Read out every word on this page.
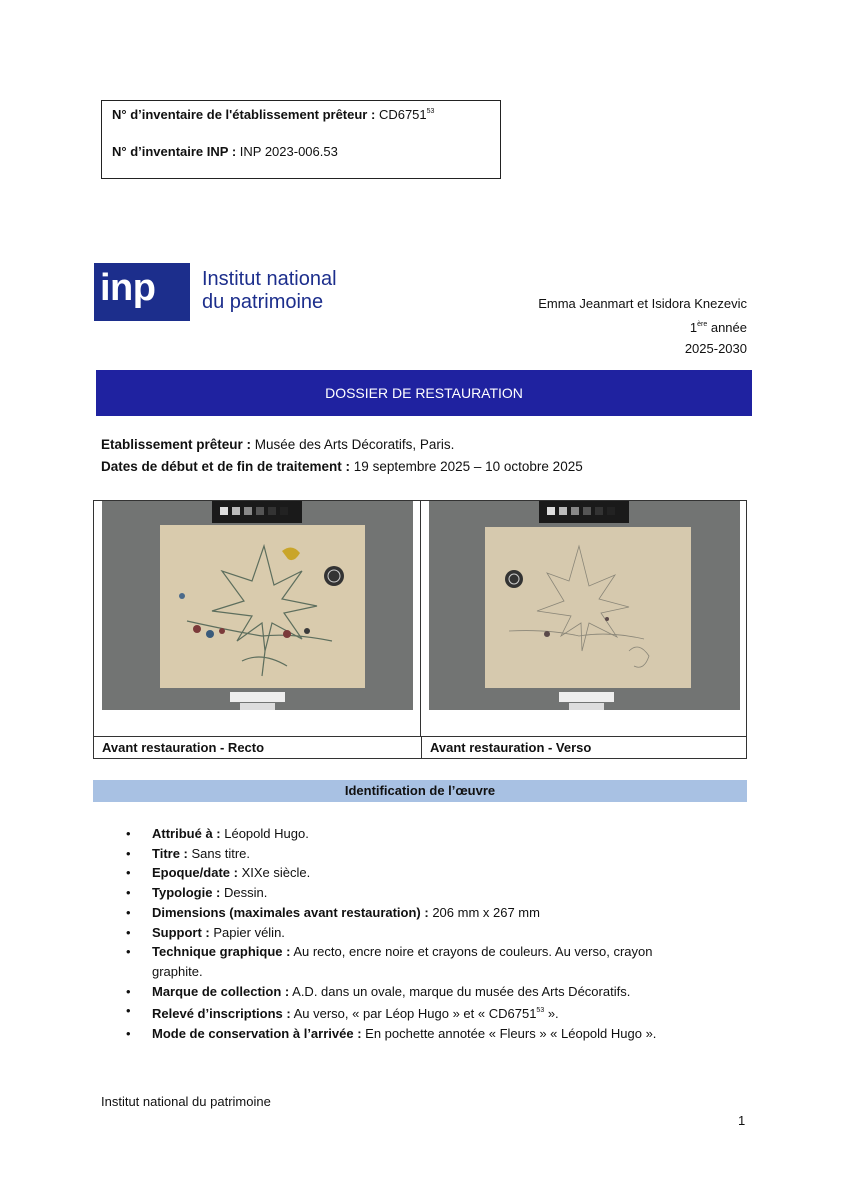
N° d’inventaire de l'établissement prêteur : CD6751$^{53}$
N° d’inventaire INP : INP 2023-006.53
inp Institut national
du patrimoine	Emma Jeanmart et Isidora Knezevic
1ère année
2025-2030
DOSSIER DE RESTAURATION
Etablissement prêteur : Musée des Arts Décoratifs, Paris.
Dates de début et de fin de traitement : 19 septembre 2025 – 10 octobre 2025
Avant restauration - Recto	Avant restauration - Verso
Identification de l’œuvre
• Attribué à : Léopold Hugo.
• Titre : Sans titre.
• Epoque/date : XIXe siècle.
• Typologie : Dessin.
• Dimensions (maximales avant restauration) : 206 mm x 267 mm
• Support : Papier vélin.
• Technique graphique : Au recto, encre noire et crayons de couleurs. Au verso, crayon graphite.
• Marque de collection : A.D. dans un ovale, marque du musée des Arts Décoratifs.
• Relevé d’inscriptions : Au verso, « par Léop Hugo » et « CD6751$^{53}$ ».
• Mode de conservation à l’arrivée : En pochette annotée « Fleurs » « Léopold Hugo ».
Institut national du patrimoine
1
